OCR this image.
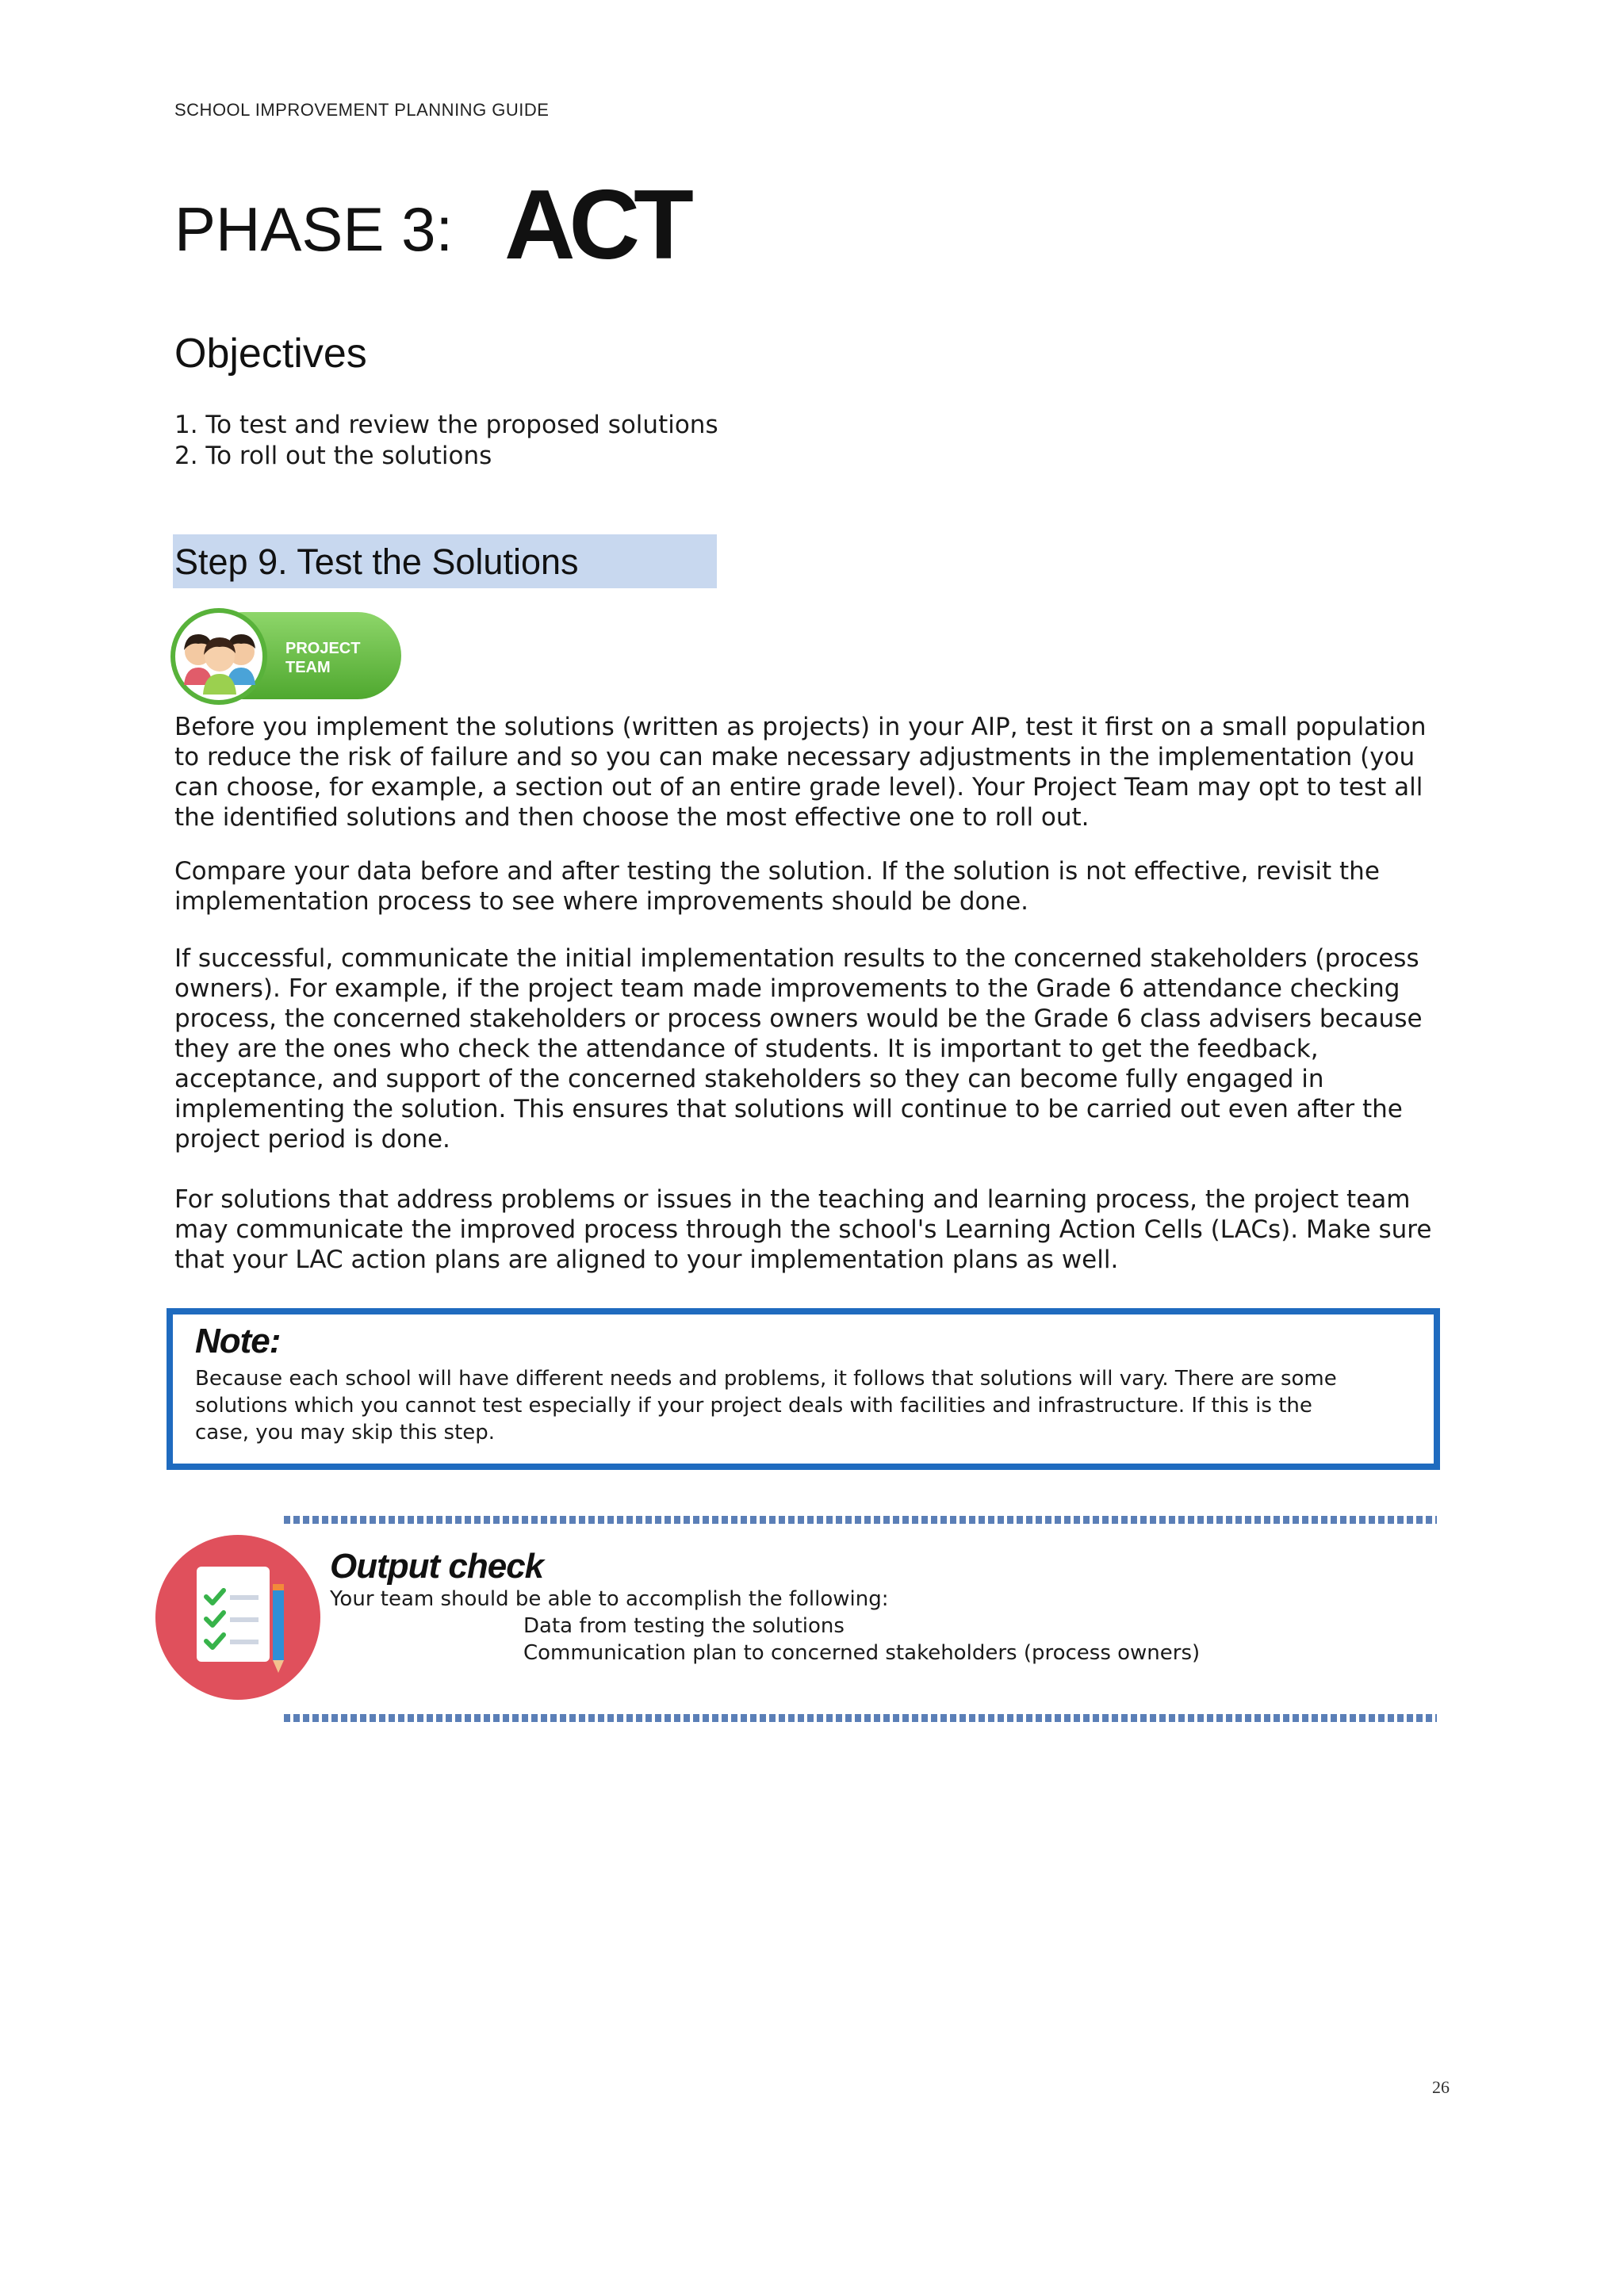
SCHOOL IMPROVEMENT PLANNING GUIDE
PHASE 3: ACT
Objectives
1. To test and review the proposed solutions
2. To roll out the solutions
Step 9. Test the Solutions
PROJECT
TEAM

Before you implement the solutions (written as projects) in your AIP, test it first on a small population to reduce the risk of failure and so you can make necessary adjustments in the implementation (you can choose, for example, a section out of an entire grade level). Your Project Team may opt to test all the identified solutions and then choose the most effective one to roll out.

Compare your data before and after testing the solution. If the solution is not effective, revisit the implementation process to see where improvements should be done.

If successful, communicate the initial implementation results to the concerned stakeholders (process owners). For example, if the project team made improvements to the Grade 6 attendance checking process, the concerned stakeholders or process owners would be the Grade 6 class advisers because they are the ones who check the attendance of students. It is important to get the feedback, acceptance, and support of the concerned stakeholders so they can become fully engaged in implementing the solution. This ensures that solutions will continue to be carried out even after the project period is done.

For solutions that address problems or issues in the teaching and learning process, the project team may communicate the improved process through the school's Learning Action Cells (LACs). Make sure that your LAC action plans are aligned to your implementation plans as well.

Note:
Because each school will have different needs and problems, it follows that solutions will vary. There are some solutions which you cannot test especially if your project deals with facilities and infrastructure. If this is the case, you may skip this step.
Output check
Your team should be able to accomplish the following:
Data from testing the solutions
Communication plan to concerned stakeholders (process owners)
26
